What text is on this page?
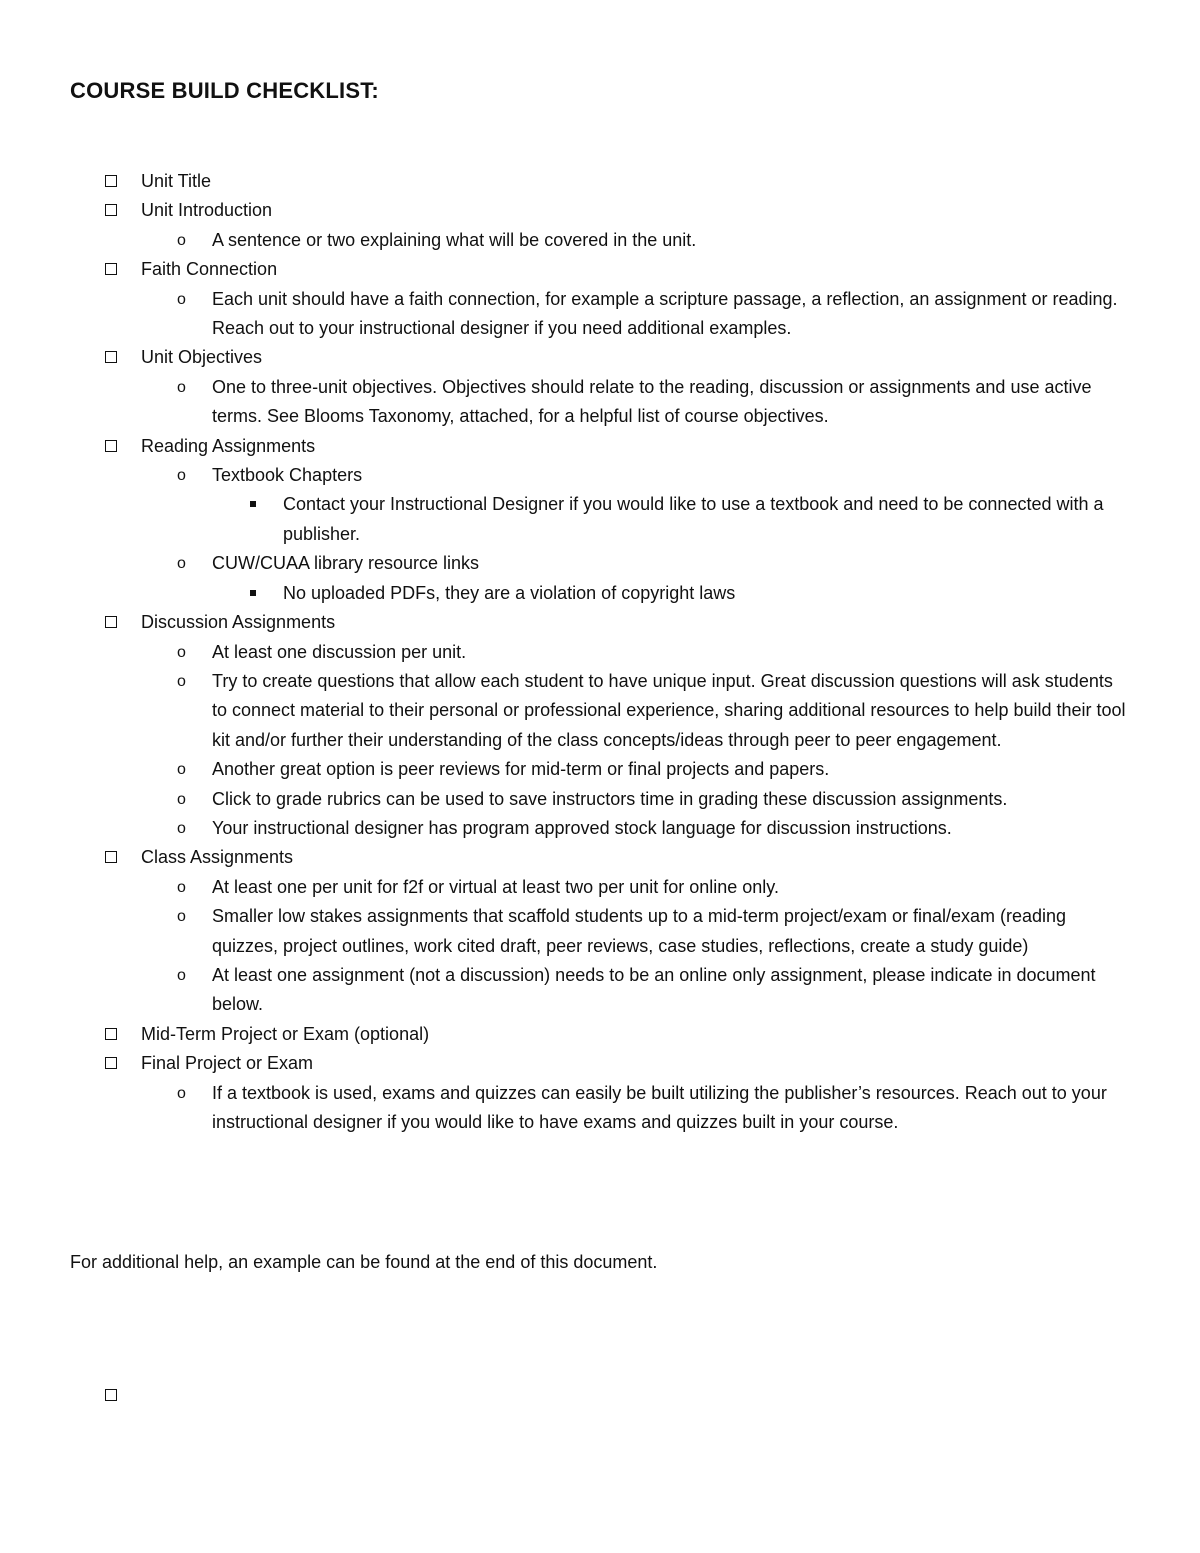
COURSE BUILD CHECKLIST:
Unit Title
Unit Introduction
o A sentence or two explaining what will be covered in the unit.
Faith Connection
o Each unit should have a faith connection, for example a scripture passage, a reflection, an assignment or reading. Reach out to your instructional designer if you need additional examples.
Unit Objectives
o One to three-unit objectives. Objectives should relate to the reading, discussion or assignments and use active terms. See Blooms Taxonomy, attached, for a helpful list of course objectives.
Reading Assignments
o Textbook Chapters
Contact your Instructional Designer if you would like to use a textbook and need to be connected with a publisher.
o CUW/CUAA library resource links
No uploaded PDFs, they are a violation of copyright laws
Discussion Assignments
o At least one discussion per unit.
o Try to create questions that allow each student to have unique input. Great discussion questions will ask students to connect material to their personal or professional experience, sharing additional resources to help build their tool kit and/or further their understanding of the class concepts/ideas through peer to peer engagement.
o Another great option is peer reviews for mid-term or final projects and papers.
o Click to grade rubrics can be used to save instructors time in grading these discussion assignments.
o Your instructional designer has program approved stock language for discussion instructions.
Class Assignments
o At least one per unit for f2f or virtual at least two per unit for online only.
o Smaller low stakes assignments that scaffold students up to a mid-term project/exam or final/exam (reading quizzes, project outlines, work cited draft, peer reviews, case studies, reflections, create a study guide)
o At least one assignment (not a discussion) needs to be an online only assignment, please indicate in document below.
Mid-Term Project or Exam (optional)
Final Project or Exam
o If a textbook is used, exams and quizzes can easily be built utilizing the publisher’s resources. Reach out to your instructional designer if you would like to have exams and quizzes built in your course.

For additional help, an example can be found at the end of this document.
